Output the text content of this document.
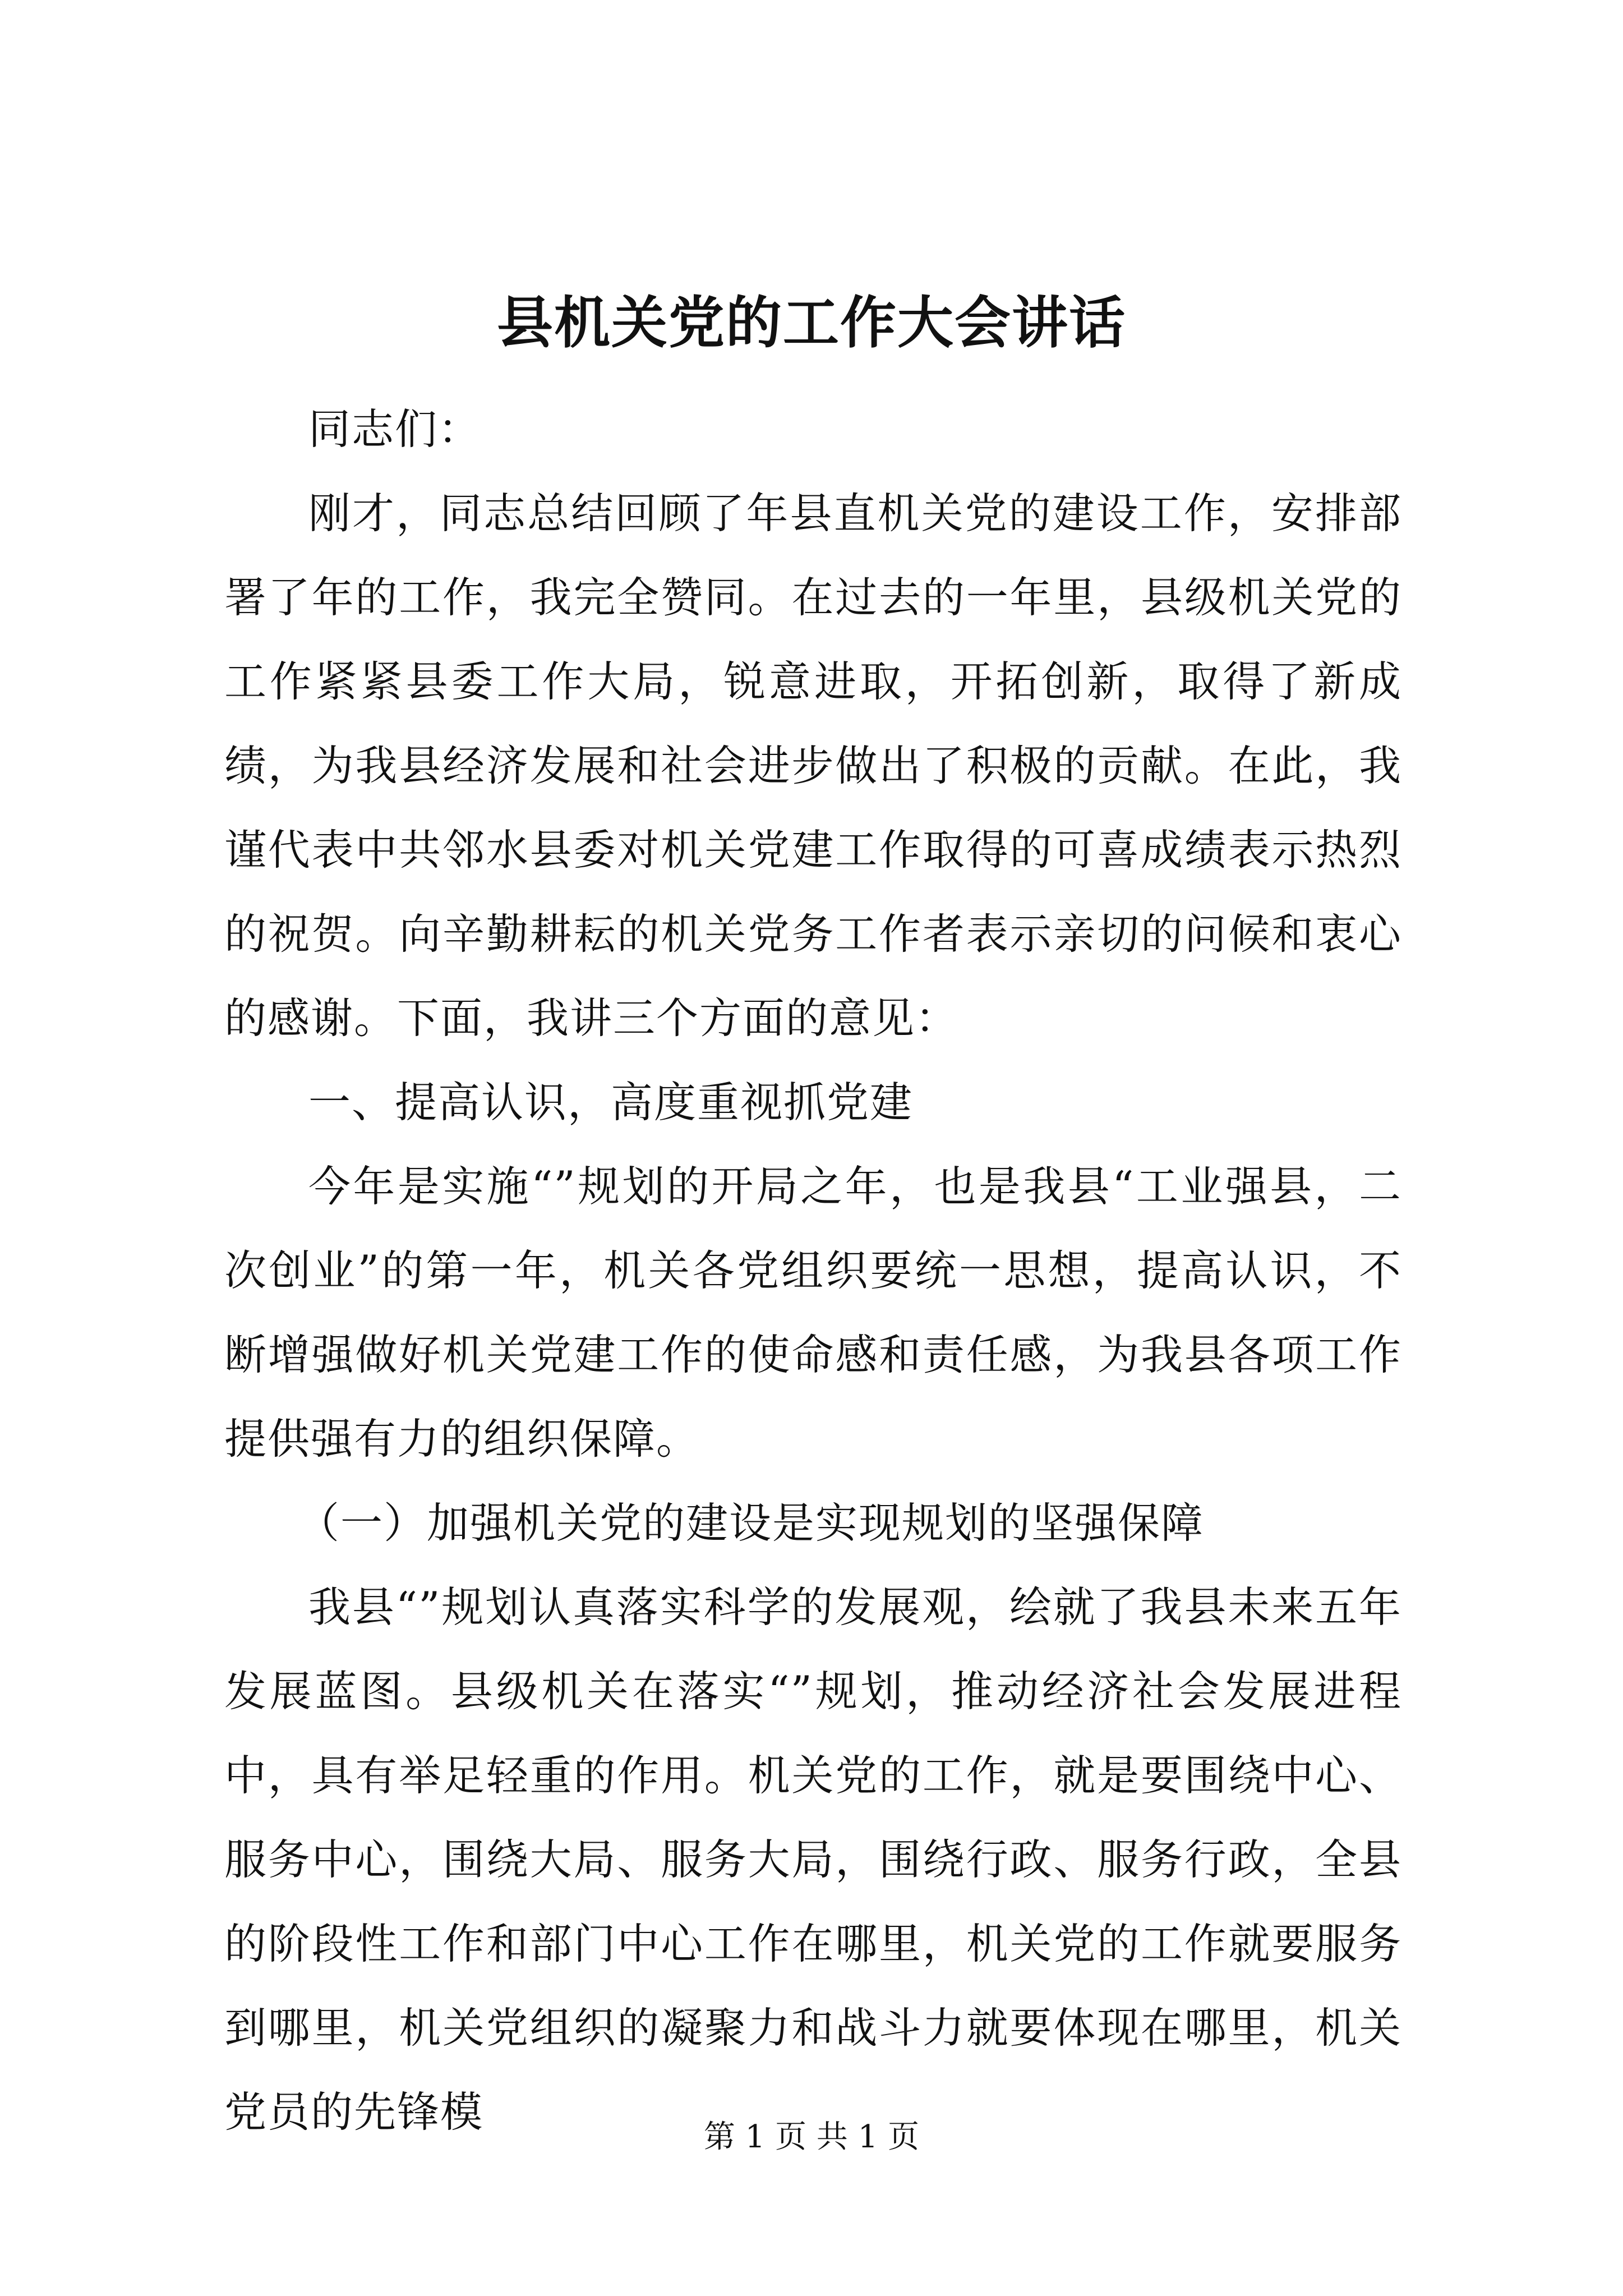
县机关党的工作大会讲话

同志们：

刚才，同志总结回顾了年县直机关党的建设工作，安排部署了年的工作，我完全赞同。在过去的一年里，县级机关党的工作紧紧县委工作大局，锐意进取，开拓创新，取得了新成绩，为我县经济发展和社会进步做出了积极的贡献。在此，我谨代表中共邻水县委对机关党建工作取得的可喜成绩表示热烈的祝贺。向辛勤耕耘的机关党务工作者表示亲切的问候和衷心的感谢。下面，我讲三个方面的意见：

一、提高认识，高度重视抓党建

今年是实施“”规划的开局之年，也是我县“工业强县，二次创业”的第一年，机关各党组织要统一思想，提高认识，不断增强做好机关党建工作的使命感和责任感，为我县各项工作提供强有力的组织保障。

（一）加强机关党的建设是实现规划的坚强保障

我县“”规划认真落实科学的发展观，绘就了我县未来五年发展蓝图。县级机关在落实“”规划，推动经济社会发展进程中，具有举足轻重的作用。机关党的工作，就是要围绕中心、服务中心，围绕大局、服务大局，围绕行政、服务行政，全县的阶段性工作和部门中心工作在哪里，机关党的工作就要服务到哪里，机关党组织的凝聚力和战斗力就要体现在哪里，机关党员的先锋模

第 1 页 共 1 页
